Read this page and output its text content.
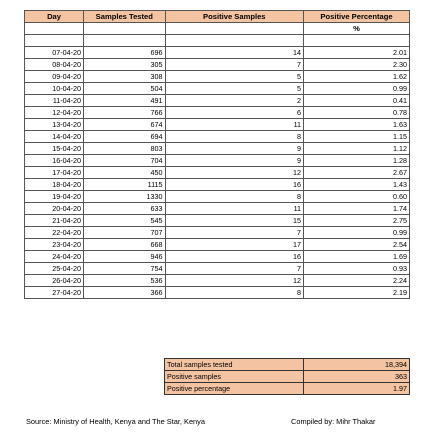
Day	Samples Tested	Positive Samples	Positive Percentage
			%

07-04-20	696	14	2.01
08-04-20	305	7	2.30
09-04-20	308	5	1.62
10-04-20	504	5	0.99
11-04-20	491	2	0.41
12-04-20	766	6	0.78
13-04-20	674	11	1.63
14-04-20	694	8	1.15
15-04-20	803	9	1.12
16-04-20	704	9	1.28
17-04-20	450	12	2.67
18-04-20	1115	16	1.43
19-04-20	1330	8	0.60
20-04-20	633	11	1.74
21-04-20	545	15	2.75
22-04-20	707	7	0.99
23-04-20	668	17	2.54
24-04-20	946	16	1.69
25-04-20	754	7	0.93
26-04-20	536	12	2.24
27-04-20	366	8	2.19
Total samples tested	18,394
Positive samples	363
Positive percentage	1.97
Source: Ministry of Health, Kenya and The Star, Kenya	Compiled by: Mihr Thakar
